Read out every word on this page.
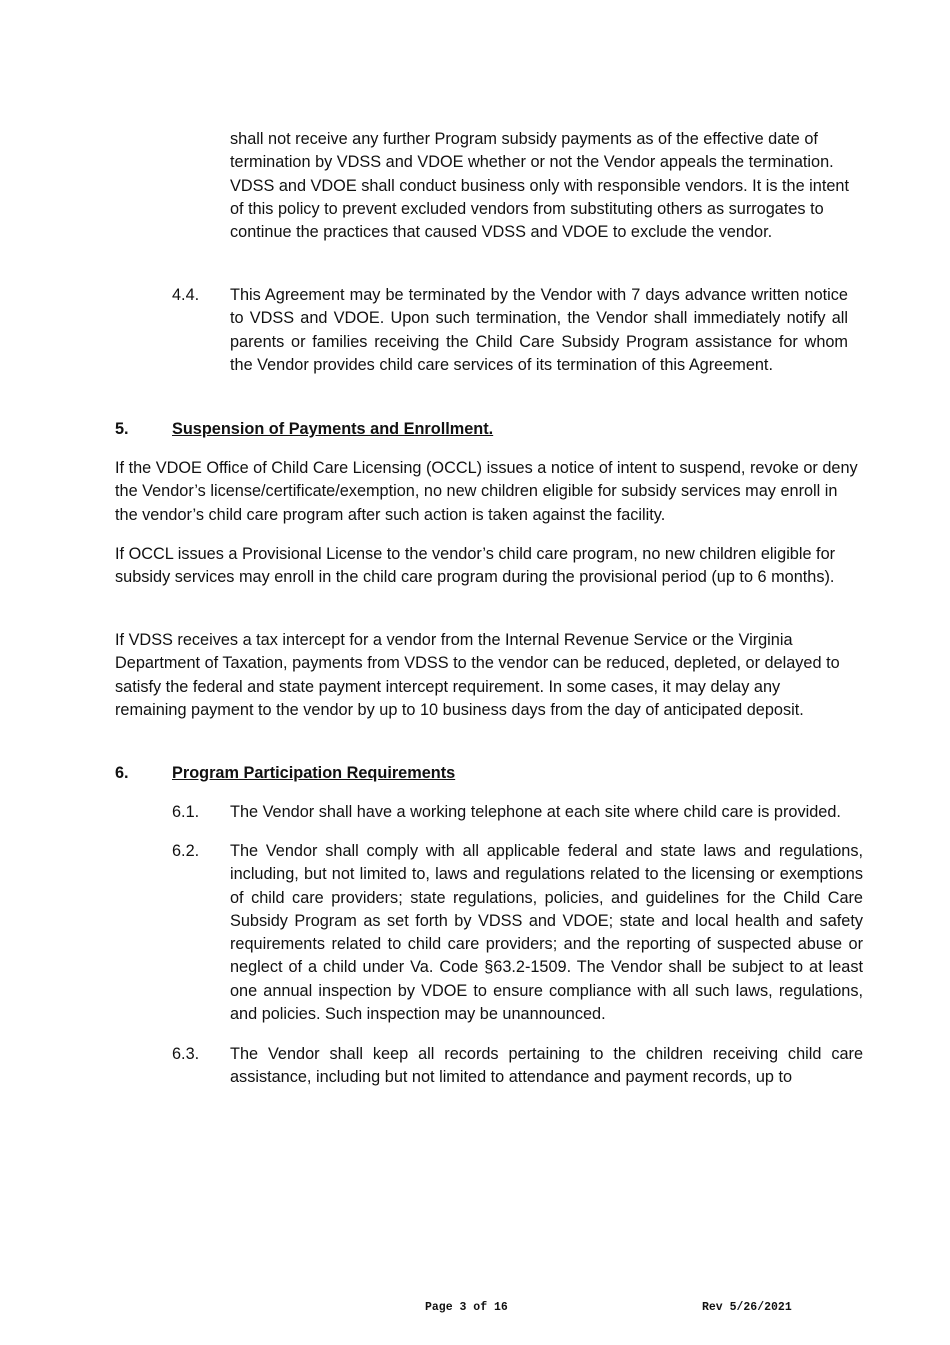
shall not receive any further Program subsidy payments as of the effective date of termination by VDSS and VDOE whether or not the Vendor appeals the termination. VDSS and VDOE shall conduct business only with responsible vendors. It is the intent of this policy to prevent excluded vendors from substituting others as surrogates to continue the practices that caused VDSS and VDOE to exclude the vendor.
4.4. This Agreement may be terminated by the Vendor with 7 days advance written notice to VDSS and VDOE. Upon such termination, the Vendor shall immediately notify all parents or families receiving the Child Care Subsidy Program assistance for whom the Vendor provides child care services of its termination of this Agreement.
5.	Suspension of Payments and Enrollment.
If the VDOE Office of Child Care Licensing (OCCL) issues a notice of intent to suspend, revoke or deny the Vendor’s license/certificate/exemption, no new children eligible for subsidy services may enroll in the vendor’s child care program after such action is taken against the facility.
If OCCL issues a Provisional License to the vendor’s child care program, no new children eligible for subsidy services may enroll in the child care program during the provisional period (up to 6 months).
If VDSS receives a tax intercept for a vendor from the Internal Revenue Service or the Virginia Department of Taxation, payments from VDSS to the vendor can be reduced, depleted, or delayed to satisfy the federal and state payment intercept requirement. In some cases, it may delay any remaining payment to the vendor by up to 10 business days from the day of anticipated deposit.
6.	Program Participation Requirements
6.1. The Vendor shall have a working telephone at each site where child care is provided.
6.2. The Vendor shall comply with all applicable federal and state laws and regulations, including, but not limited to, laws and regulations related to the licensing or exemptions of child care providers; state regulations, policies, and guidelines for the Child Care Subsidy Program as set forth by VDSS and VDOE; state and local health and safety requirements related to child care providers; and the reporting of suspected abuse or neglect of a child under Va. Code §63.2-1509. The Vendor shall be subject to at least one annual inspection by VDOE to ensure compliance with all such laws, regulations, and policies. Such inspection may be unannounced.
6.3. The Vendor shall keep all records pertaining to the children receiving child care assistance, including but not limited to attendance and payment records, up to
Page 3 of 16	Rev 5/26/2021
